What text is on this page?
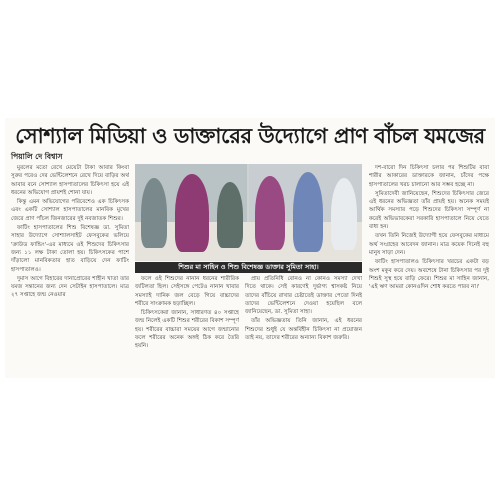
সোশ্যাল মিডিয়া ও ডাক্তারের উদ্যোগে প্রাণ বাঁচল যমজের
পিয়ালি দে বিশ্বাস

মুরলের মতো রেখে মেয়েটা টাকা আবার কিংবা সুরুর পরেও দের ভেন্টিলেশনে রেখে দিয়ে বাড়ির অর্থ আবার বনে সোশ্যাল হাসপাতালের চিকিৎসা হয়ে এই ধরনের অভিযোগ প্রায়শই শোনা যায়।

কিন্তু এমন অভিযোগের পরিবেশেও এক চিকিৎসক এবং একটি সোশ্যাল হাসপাতালের মানবিক মুখের জেরে প্রাণ পাঁচল জিনজারের দুই নবজাতক শিশুর।

ফাটিং হাসপাতালের শিশু বিশেষজ্ঞ ডা. সুমিতা সাহার উদ্যোগে সোশ্যালসাইট ফেসবুকের ভলিয়ে 'ক্রাউড ফান্ডিং'-এর মাধ্যমে ওই শিশুদের চিকিৎসার জন্য ১১ লক্ষ টাকা তোলা হয়। চিকিৎসকের পাশে দাঁড়ালো মানবিকতার হাত বাড়িয়ে দেন ফাটিং হাসপাতালও।

দুমাস আগে বিহারের দানাপ্রোরের শাহীন খাতা তার যমজ সন্তানের জন্য দেন সেটাইন হাসপাতালে। মাত্র ২৭ সপ্তাহে জন্ম নেওয়ার

শিশুর মা সাহিন ও শিশু বিশেষজ্ঞ ডাক্তার সুমিতা সাহা।

ফলে ওই শিশুদের নানান ধরনের শারীরিক জটিলতা ছিল। সেইসঙ্গে পেটেও নানান খাবার সমস্যাই দানিক জল বেড়ে গিয়ে বাচ্চাদের শরীরে সাংক্রামক ছড়াচ্ছিল।

চিকিৎসকেরা জানান, সাধারণত ৪০ সপ্তাহে জন্ম নিলেই একটি শিশুর শরীরের বিকাশ সম্পূর্ণ হয়। শরীরের বাচ্চারা সময়ের আগে জন্মানোর ফলে শরীরের অনেক অঙ্গই ঠিক করে তৈরি হয়নি।

প্রায় প্রতিনিধি বোনও না কোনও সমস্যা দেখা দিতে থাকে। সেই কারণেই দুর্ভাগ্য শ্বাসকষ্ট নিয়ে তাদের বাঁচিয়ে রাখার চেষ্টাতেই ডাক্তার পেতো দিনই তাদের ভেন্টিলেশনে দেওয়া হয়েছিল বলে জানিয়েছেন, ডা. সুমিতা সাহা।

তাঁর অভিজ্ঞতায় তিনি জানান, এই ধরনের শিশুদের শুধুই যে অন্তর্বিহীন চিকিৎসা না প্রয়োজন তাই নয়, তাদের শরীরের অন্যান্য বিকাশ জরুরি।

দশ-বারো দিন চিকিৎসা চলার পর শিশুটির বাবা শারীর আকারের ডাক্তারকে জানান, চাঁদের পক্ষে হাসপাতালের খরচ চালানো আর সম্ভব হচ্ছে না।

সুমিতাদেবী জানিয়েছেন, শিশুদের চিকিৎসার জেরে এই ধরনের অভিজ্ঞতা তাঁর প্রায়ই হয়। অনেক সময়ই আর্থিক সমস্যার পড়ে শিশুদের চিকিৎসা সম্পূর্ণ না করেই অভিভাবকেরা সরকারি হাসপাতালে নিয়ে যেতে বাধ্য হন।

তখন তিনি নিজেই উদ্যোগী হয়ে ফেসবুকের মাধ্যমে অর্থ সংগ্রহের আবেদন জানান। মাত্র কয়েক দিনেই বহু মানুষ সাড়া দেন।

ফাটিং হাসপাতালও চিকিৎসার খরচের একটা বড় অংশ মকুব করে দেয়। অবশেষে টানা চিকিৎসার পর দুই শিশুই সুস্থ হয়ে বাড়ি ফেরে। শিশুর মা সাহিন জানান, 'এই ঋণ আমরা কোনওদিন শোধ করতে পারব না।'
